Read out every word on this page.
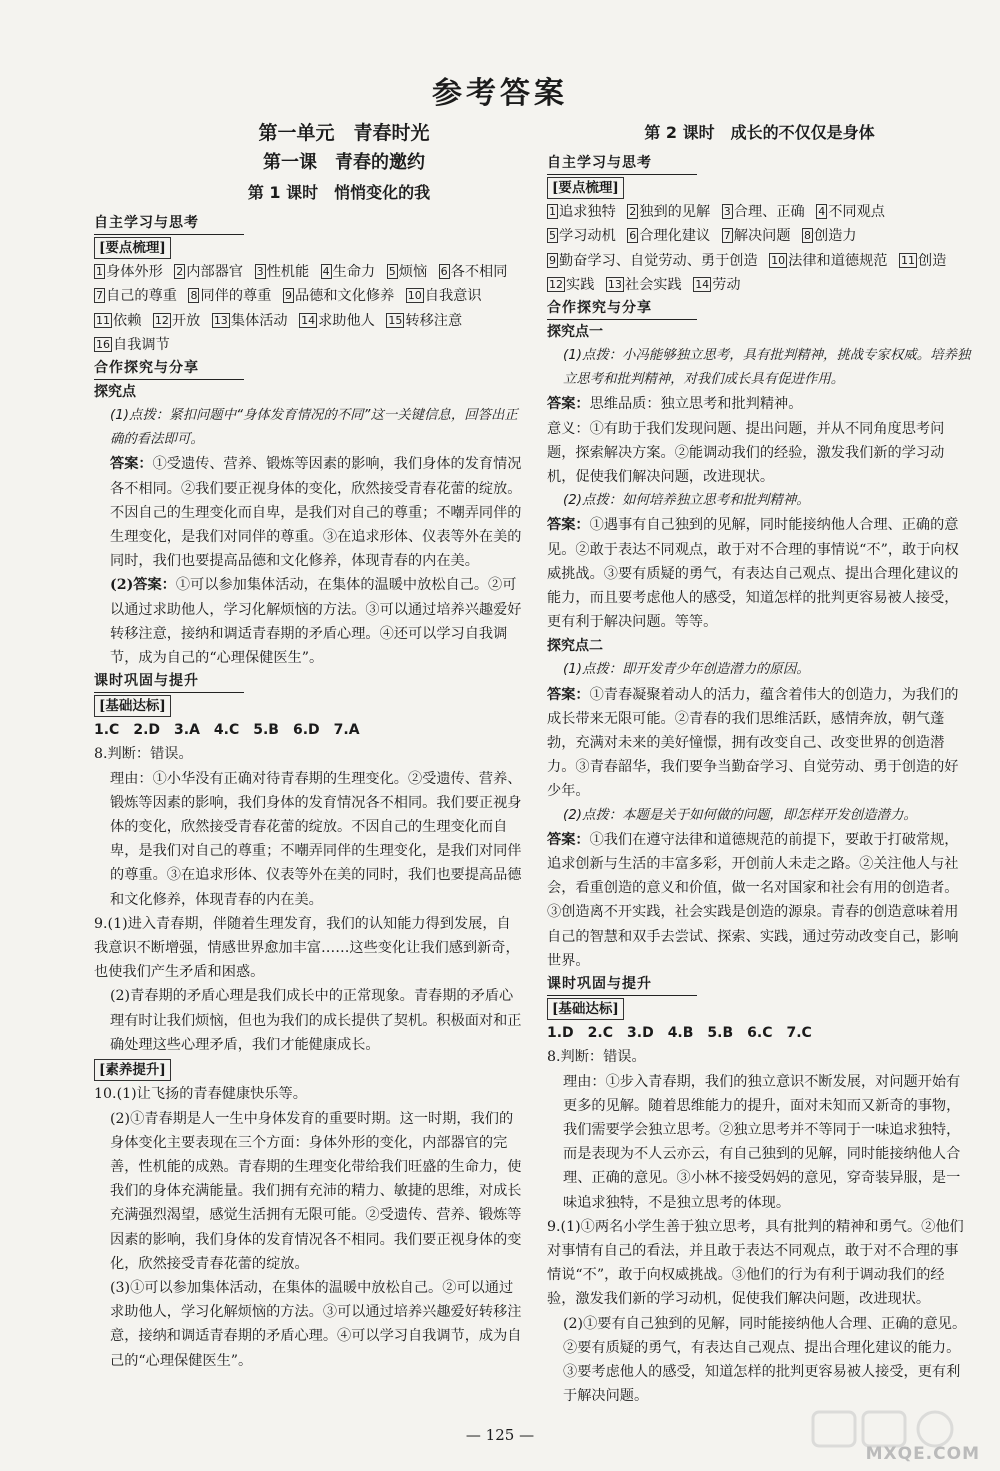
参考答案
第一单元　青春时光
第一课　青春的邀约
第 1 课时　悄悄变化的我
自主学习与思考
[要点梳理]
1 身体外形 2 内部器官 3 性机能 4 生命力 5 烦恼 6 各不相同 7 自己的尊重 8 同伴的尊重 9 品德和文化修养 10 自我意识 11 依赖 12 开放 13 集体活动 14 求助他人 15 转移注意 16 自我调节
合作探究与分享
探究点

(1)点拨：紧扣问题中“身体发育情况的不同”这一关键信息，回答出正确的看法即可。

答案：①受遗传、营养、锻炼等因素的影响，我们身体的发育情况各不相同。②我们要正视身体的变化，欣然接受青春花蕾的绽放。不因自己的生理变化而自卑，是我们对自己的尊重；不嘲弄同伴的生理变化，是我们对同伴的尊重。③在追求形体、仪表等外在美的同时，我们也要提高品德和文化修养，体现青春的内在美。

(2)答案：①可以参加集体活动，在集体的温暖中放松自己。②可以通过求助他人，学习化解烦恼的方法。③可以通过培养兴趣爱好转移注意，接纳和调适青春期的矛盾心理。④还可以学习自我调节，成为自己的“心理保健医生”。

课时巩固与提升
[基础达标]
1.C　2.D　3.A　4.C　5.B　6.D　7.A

8.判断：错误。

理由：①小华没有正确对待青春期的生理变化。②受遗传、营养、锻炼等因素的影响，我们身体的发育情况各不相同。我们要正视身体的变化，欣然接受青春花蕾的绽放。不因自己的生理变化而自卑，是我们对自己的尊重；不嘲弄同伴的生理变化，是我们对同伴的尊重。③在追求形体、仪表等外在美的同时，我们也要提高品德和文化修养，体现青春的内在美。

9.(1)进入青春期，伴随着生理发育，我们的认知能力得到发展，自我意识不断增强，情感世界愈加丰富……这些变化让我们感到新奇，也使我们产生矛盾和困惑。

(2)青春期的矛盾心理是我们成长中的正常现象。青春期的矛盾心理有时让我们烦恼，但也为我们的成长提供了契机。积极面对和正确处理这些心理矛盾，我们才能健康成长。

[素养提升]

10.(1)让飞扬的青春健康快乐等。

(2)①青春期是人一生中身体发育的重要时期。这一时期，我们的身体变化主要表现在三个方面：身体外形的变化，内部器官的完善，性机能的成熟。青春期的生理变化带给我们旺盛的生命力，使我们的身体充满能量。我们拥有充沛的精力、敏捷的思维，对成长充满强烈渴望，感觉生活拥有无限可能。②受遗传、营养、锻炼等因素的影响，我们身体的发育情况各不相同。我们要正视身体的变化，欣然接受青春花蕾的绽放。

(3)①可以参加集体活动，在集体的温暖中放松自己。②可以通过求助他人，学习化解烦恼的方法。③可以通过培养兴趣爱好转移注意，接纳和调适青春期的矛盾心理。④可以学习自我调节，成为自己的“心理保健医生”。

第 2 课时　成长的不仅仅是身体
自主学习与思考
[要点梳理]
1 追求独特 2 独到的见解 3 合理、正确 4 不同观点 5 学习动机 6 合理化建议 7 解决问题 8 创造力 9 勤奋学习、自觉劳动、勇于创造 10 法律和道德规范 11 创造 12 实践 13 社会实践 14 劳动
合作探究与分享
探究点一

(1)点拨：小冯能够独立思考，具有批判精神，挑战专家权威。培养独立思考和批判精神，对我们成长具有促进作用。

答案：思维品质：独立思考和批判精神。

意义：①有助于我们发现问题、提出问题，并从不同角度思考问题，探索解决方案。②能调动我们的经验，激发我们新的学习动机，促使我们解决问题，改进现状。

(2)点拨：如何培养独立思考和批判精神。

答案：①遇事有自己独到的见解，同时能接纳他人合理、正确的意见。②敢于表达不同观点，敢于对不合理的事情说“不”，敢于向权威挑战。③要有质疑的勇气，有表达自己观点、提出合理化建议的能力，而且要考虑他人的感受，知道怎样的批判更容易被人接受，更有利于解决问题。等等。

探究点二

(1)点拨：即开发青少年创造潜力的原因。

答案：①青春凝聚着动人的活力，蕴含着伟大的创造力，为我们的成长带来无限可能。②青春的我们思维活跃，感情奔放，朝气蓬勃，充满对未来的美好憧憬，拥有改变自己、改变世界的创造潜力。③青春韶华，我们要争当勤奋学习、自觉劳动、勇于创造的好少年。

(2)点拨：本题是关于如何做的问题，即怎样开发创造潜力。

答案：①我们在遵守法律和道德规范的前提下，要敢于打破常规，追求创新与生活的丰富多彩，开创前人未走之路。②关注他人与社会，看重创造的意义和价值，做一名对国家和社会有用的创造者。③创造离不开实践，社会实践是创造的源泉。青春的创造意味着用自己的智慧和双手去尝试、探索、实践，通过劳动改变自己，影响世界。

课时巩固与提升
[基础达标]
1.D　2.C　3.D　4.B　5.B　6.C　7.C

8.判断：错误。

理由：①步入青春期，我们的独立意识不断发展，对问题开始有更多的见解。随着思维能力的提升，面对未知而又新奇的事物，我们需要学会独立思考。②独立思考并不等同于一味追求独特，而是表现为不人云亦云，有自己独到的见解，同时能接纳他人合理、正确的意见。③小林不接受妈妈的意见，穿奇装异服，是一味追求独特，不是独立思考的体现。

9.(1)①两名小学生善于独立思考，具有批判的精神和勇气。②他们对事情有自己的看法，并且敢于表达不同观点，敢于对不合理的事情说“不”，敢于向权威挑战。③他们的行为有利于调动我们的经验，激发我们新的学习动机，促使我们解决问题，改进现状。

(2)①要有自己独到的见解，同时能接纳他人合理、正确的意见。②要有质疑的勇气，有表达自己观点、提出合理化建议的能力。③要考虑他人的感受，知道怎样的批判更容易被人接受，更有利于解决问题。

— 125 —
MXQE.COM
